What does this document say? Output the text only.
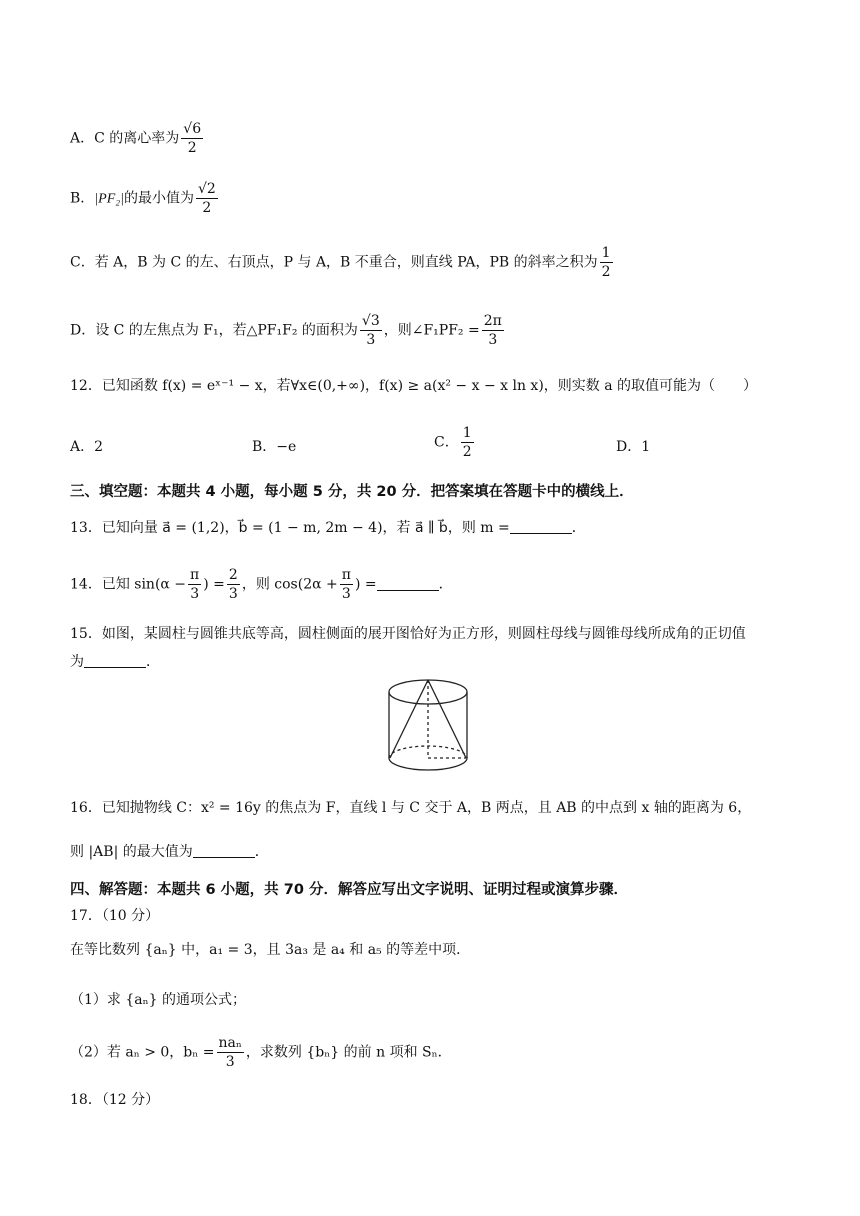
A．C 的离心率为 $\frac{√6}{2}$
B．|PF₂|的最小值为 $\frac{√2}{2}$
C．若 A，B 为 C 的左、右顶点，P 与 A，B 不重合，则直线 PA，PB 的斜率之积为 $\frac{1}{2}$
D．设 C 的左焦点为 F₁，若△PF₁F₂ 的面积为 $\frac{√3}{3}$ ，则∠F₁PF₂ = $\frac{2\pi}{3}$
12．已知函数 f(x) = eˣ⁻¹ − x，若∀x∈(0,+∞)，f(x) ≥ a(x² − x − x ln x)，则实数 a 的取值可能为（　　）
A．2	B．−e	C． $\frac{1}{2}$	D．1
三、填空题：本题共 4 小题，每小题 5 分，共 20 分．把答案填在答题卡中的横线上．
13．已知向量 a⃗ = (1,2)，b⃗ = (1 − m, 2m − 4)，若 a⃗ ∥ b⃗，则 m =	．
14．已知 $\sin(\alpha - \frac{\pi}{3}$ ) = $\frac{2}{3}$ ，则 $\cos(2\alpha + \frac{\pi}{3}$ ) =	．
15．如图，某圆柱与圆锥共底等高，圆柱侧面的展开图恰好为正方形，则圆柱母线与圆锥母线所成角的正切值
为	．
16．已知抛物线 C：x² = 16y 的焦点为 F，直线 l 与 C 交于 A，B 两点，且 AB 的中点到 x 轴的距离为 6，
则 |AB| 的最大值为	．
四、解答题：本题共 6 小题，共 70 分．解答应写出文字说明、证明过程或演算步骤．
17．（10 分）
在等比数列 {aₙ} 中，a₁ = 3，且 3a₃ 是 a₄ 和 a₅ 的等差中项．
（1）求 {aₙ} 的通项公式；
（2）若 aₙ > 0，$b_n = \frac{\text{naₙ}}{3}$ ，求数列 {bₙ} 的前 n 项和 Sₙ．
18．（12 分）
